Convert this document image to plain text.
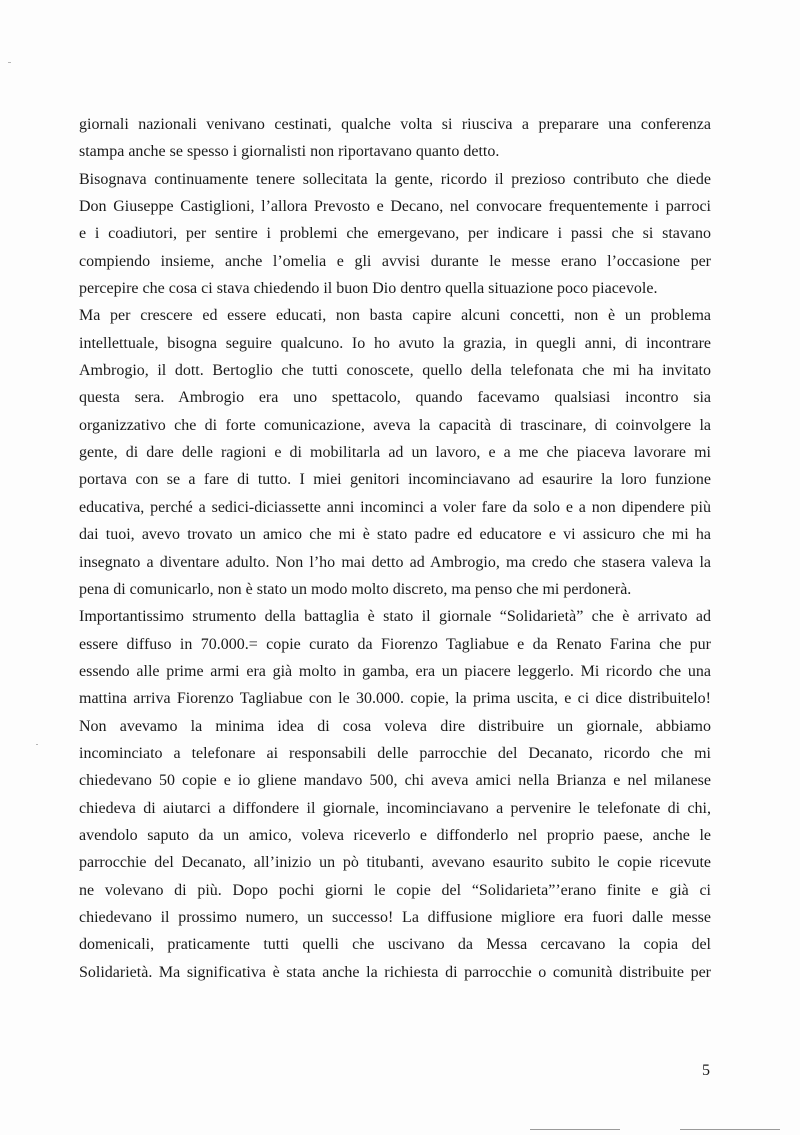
giornali nazionali venivano cestinati, qualche volta si riusciva a preparare una conferenza
stampa anche se spesso i giornalisti non riportavano quanto detto.
Bisognava continuamente tenere sollecitata la gente, ricordo il prezioso contributo che diede
Don Giuseppe Castiglioni, l’allora Prevosto e Decano, nel convocare frequentemente i parroci
e i coadiutori, per sentire i problemi che emergevano, per indicare i passi che si stavano
compiendo insieme, anche l’omelia e gli avvisi durante le messe erano l’occasione per
percepire che cosa ci stava chiedendo il buon Dio dentro quella situazione poco piacevole.
Ma per crescere ed essere educati, non basta capire alcuni concetti, non è un problema
intellettuale, bisogna seguire qualcuno. Io ho avuto la grazia, in quegli anni, di incontrare
Ambrogio, il dott. Bertoglio che tutti conoscete, quello della telefonata che mi ha invitato
questa sera. Ambrogio era uno spettacolo, quando facevamo qualsiasi incontro sia
organizzativo che di forte comunicazione, aveva la capacità di trascinare, di coinvolgere la
gente, di dare delle ragioni e di mobilitarla ad un lavoro, e a me che piaceva lavorare mi
portava con se a fare di tutto. I miei genitori incominciavano ad esaurire la loro funzione
educativa, perché a sedici-diciassette anni incominci a voler fare da solo e a non dipendere più
dai tuoi, avevo trovato un amico che mi è stato padre ed educatore e vi assicuro che mi ha
insegnato a diventare adulto. Non l’ho mai detto ad Ambrogio, ma credo che stasera valeva la
pena di comunicarlo, non è stato un modo molto discreto, ma penso che mi perdonerà.
Importantissimo strumento della battaglia è stato il giornale “Solidarietà” che è arrivato ad
essere diffuso in 70.000.= copie curato da Fiorenzo Tagliabue e da Renato Farina che pur
essendo alle prime armi era già molto in gamba, era un piacere leggerlo. Mi ricordo che una
mattina arriva Fiorenzo Tagliabue con le 30.000. copie, la prima uscita, e ci dice distribuitelo!
Non avevamo la minima idea di cosa voleva dire distribuire un giornale, abbiamo
incominciato a telefonare ai responsabili delle parrocchie del Decanato, ricordo che mi
chiedevano 50 copie e io gliene mandavo 500, chi aveva amici nella Brianza e nel milanese
chiedeva di aiutarci a diffondere il giornale, incominciavano a pervenire le telefonate di chi,
avendolo saputo da un amico, voleva riceverlo e diffonderlo nel proprio paese, anche le
parrocchie del Decanato, all’inizio un pò titubanti, avevano esaurito subito le copie ricevute
ne volevano di più. Dopo pochi giorni le copie del “Solidarieta”’erano finite e già ci
chiedevano il prossimo numero, un successo! La diffusione migliore era fuori dalle messe
domenicali, praticamente tutti quelli che uscivano da Messa cercavano la copia del
Solidarietà. Ma significativa è stata anche la richiesta di parrocchie o comunità distribuite per
5
